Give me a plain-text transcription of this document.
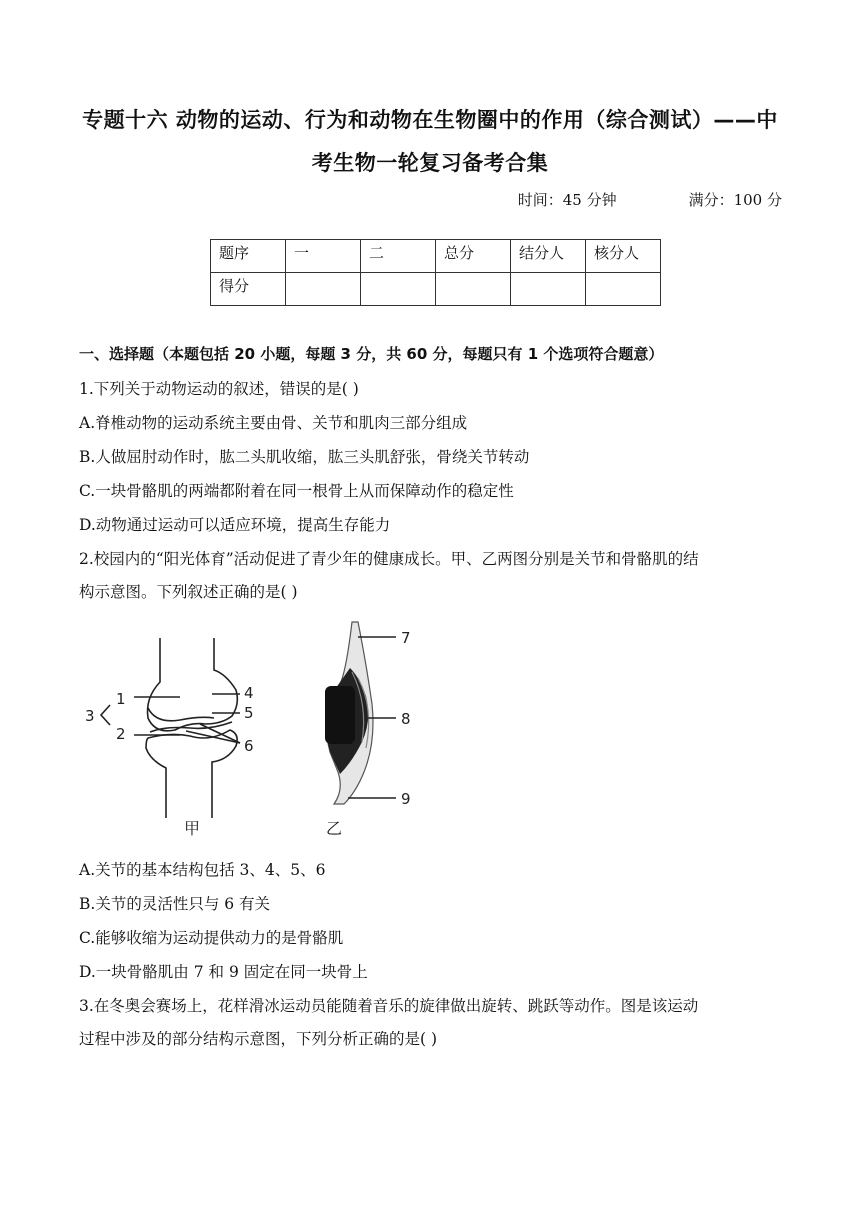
专题十六 动物的运动、行为和动物在生物圈中的作用（综合测试）——中
考生物一轮复习备考合集
时间：45 分钟	满分：100 分
题序	一	二	总分	结分人	核分人
得分					
一、选择题（本题包括 20 小题，每题 3 分，共 60 分，每题只有 1 个选项符合题意）
1.下列关于动物运动的叙述，错误的是( )
A.脊椎动物的运动系统主要由骨、关节和肌肉三部分组成
B.人做屈肘动作时，肱二头肌收缩，肱三头肌舒张，骨绕关节转动
C.一块骨骼肌的两端都附着在同一根骨上从而保障动作的稳定性
D.动物通过运动可以适应环境，提高生存能力
2.校园内的“阳光体育”活动促进了青少年的健康成长。甲、乙两图分别是关节和骨骼肌的结
构示意图。下列叙述正确的是( )
1
2
3
4
5
6
甲
7
8
9
乙
A.关节的基本结构包括 3、4、5、6
B.关节的灵活性只与 6 有关
C.能够收缩为运动提供动力的是骨骼肌
D.一块骨骼肌由 7 和 9 固定在同一块骨上
3.在冬奥会赛场上，花样滑冰运动员能随着音乐的旋律做出旋转、跳跃等动作。图是该运动
过程中涉及的部分结构示意图，下列分析正确的是( )
